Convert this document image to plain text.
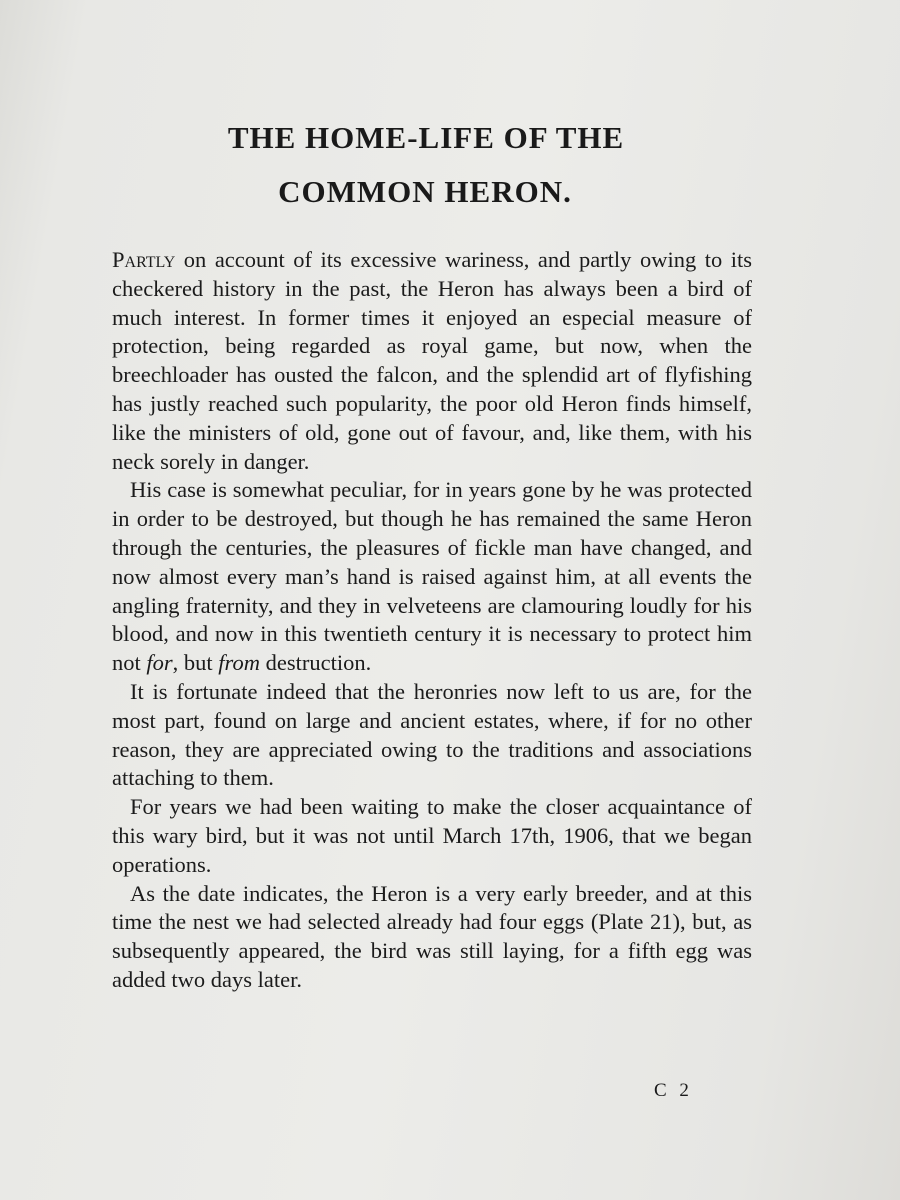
THE HOME-LIFE OF THE
COMMON HERON.

Partly on account of its excessive wariness, and partly owing to its checkered history in the past, the Heron has always been a bird of much interest. In former times it enjoyed an especial measure of protection, being regarded as royal game, but now, when the breechloader has ousted the falcon, and the splendid art of flyfishing has justly reached such popularity, the poor old Heron finds himself, like the ministers of old, gone out of favour, and, like them, with his neck sorely in danger.

His case is somewhat peculiar, for in years gone by he was protected in order to be destroyed, but though he has remained the same Heron through the centuries, the pleasures of fickle man have changed, and now almost every man’s hand is raised against him, at all events the angling fraternity, and they in velveteens are clamouring loudly for his blood, and now in this twentieth century it is necessary to protect him not for, but from destruction.

It is fortunate indeed that the heronries now left to us are, for the most part, found on large and ancient estates, where, if for no other reason, they are appreciated owing to the traditions and associations attaching to them.

For years we had been waiting to make the closer acquaintance of this wary bird, but it was not until March 17th, 1906, that we began operations.

As the date indicates, the Heron is a very early breeder, and at this time the nest we had selected already had four eggs (Plate 21), but, as subsequently appeared, the bird was still laying, for a fifth egg was added two days later.

C 2
